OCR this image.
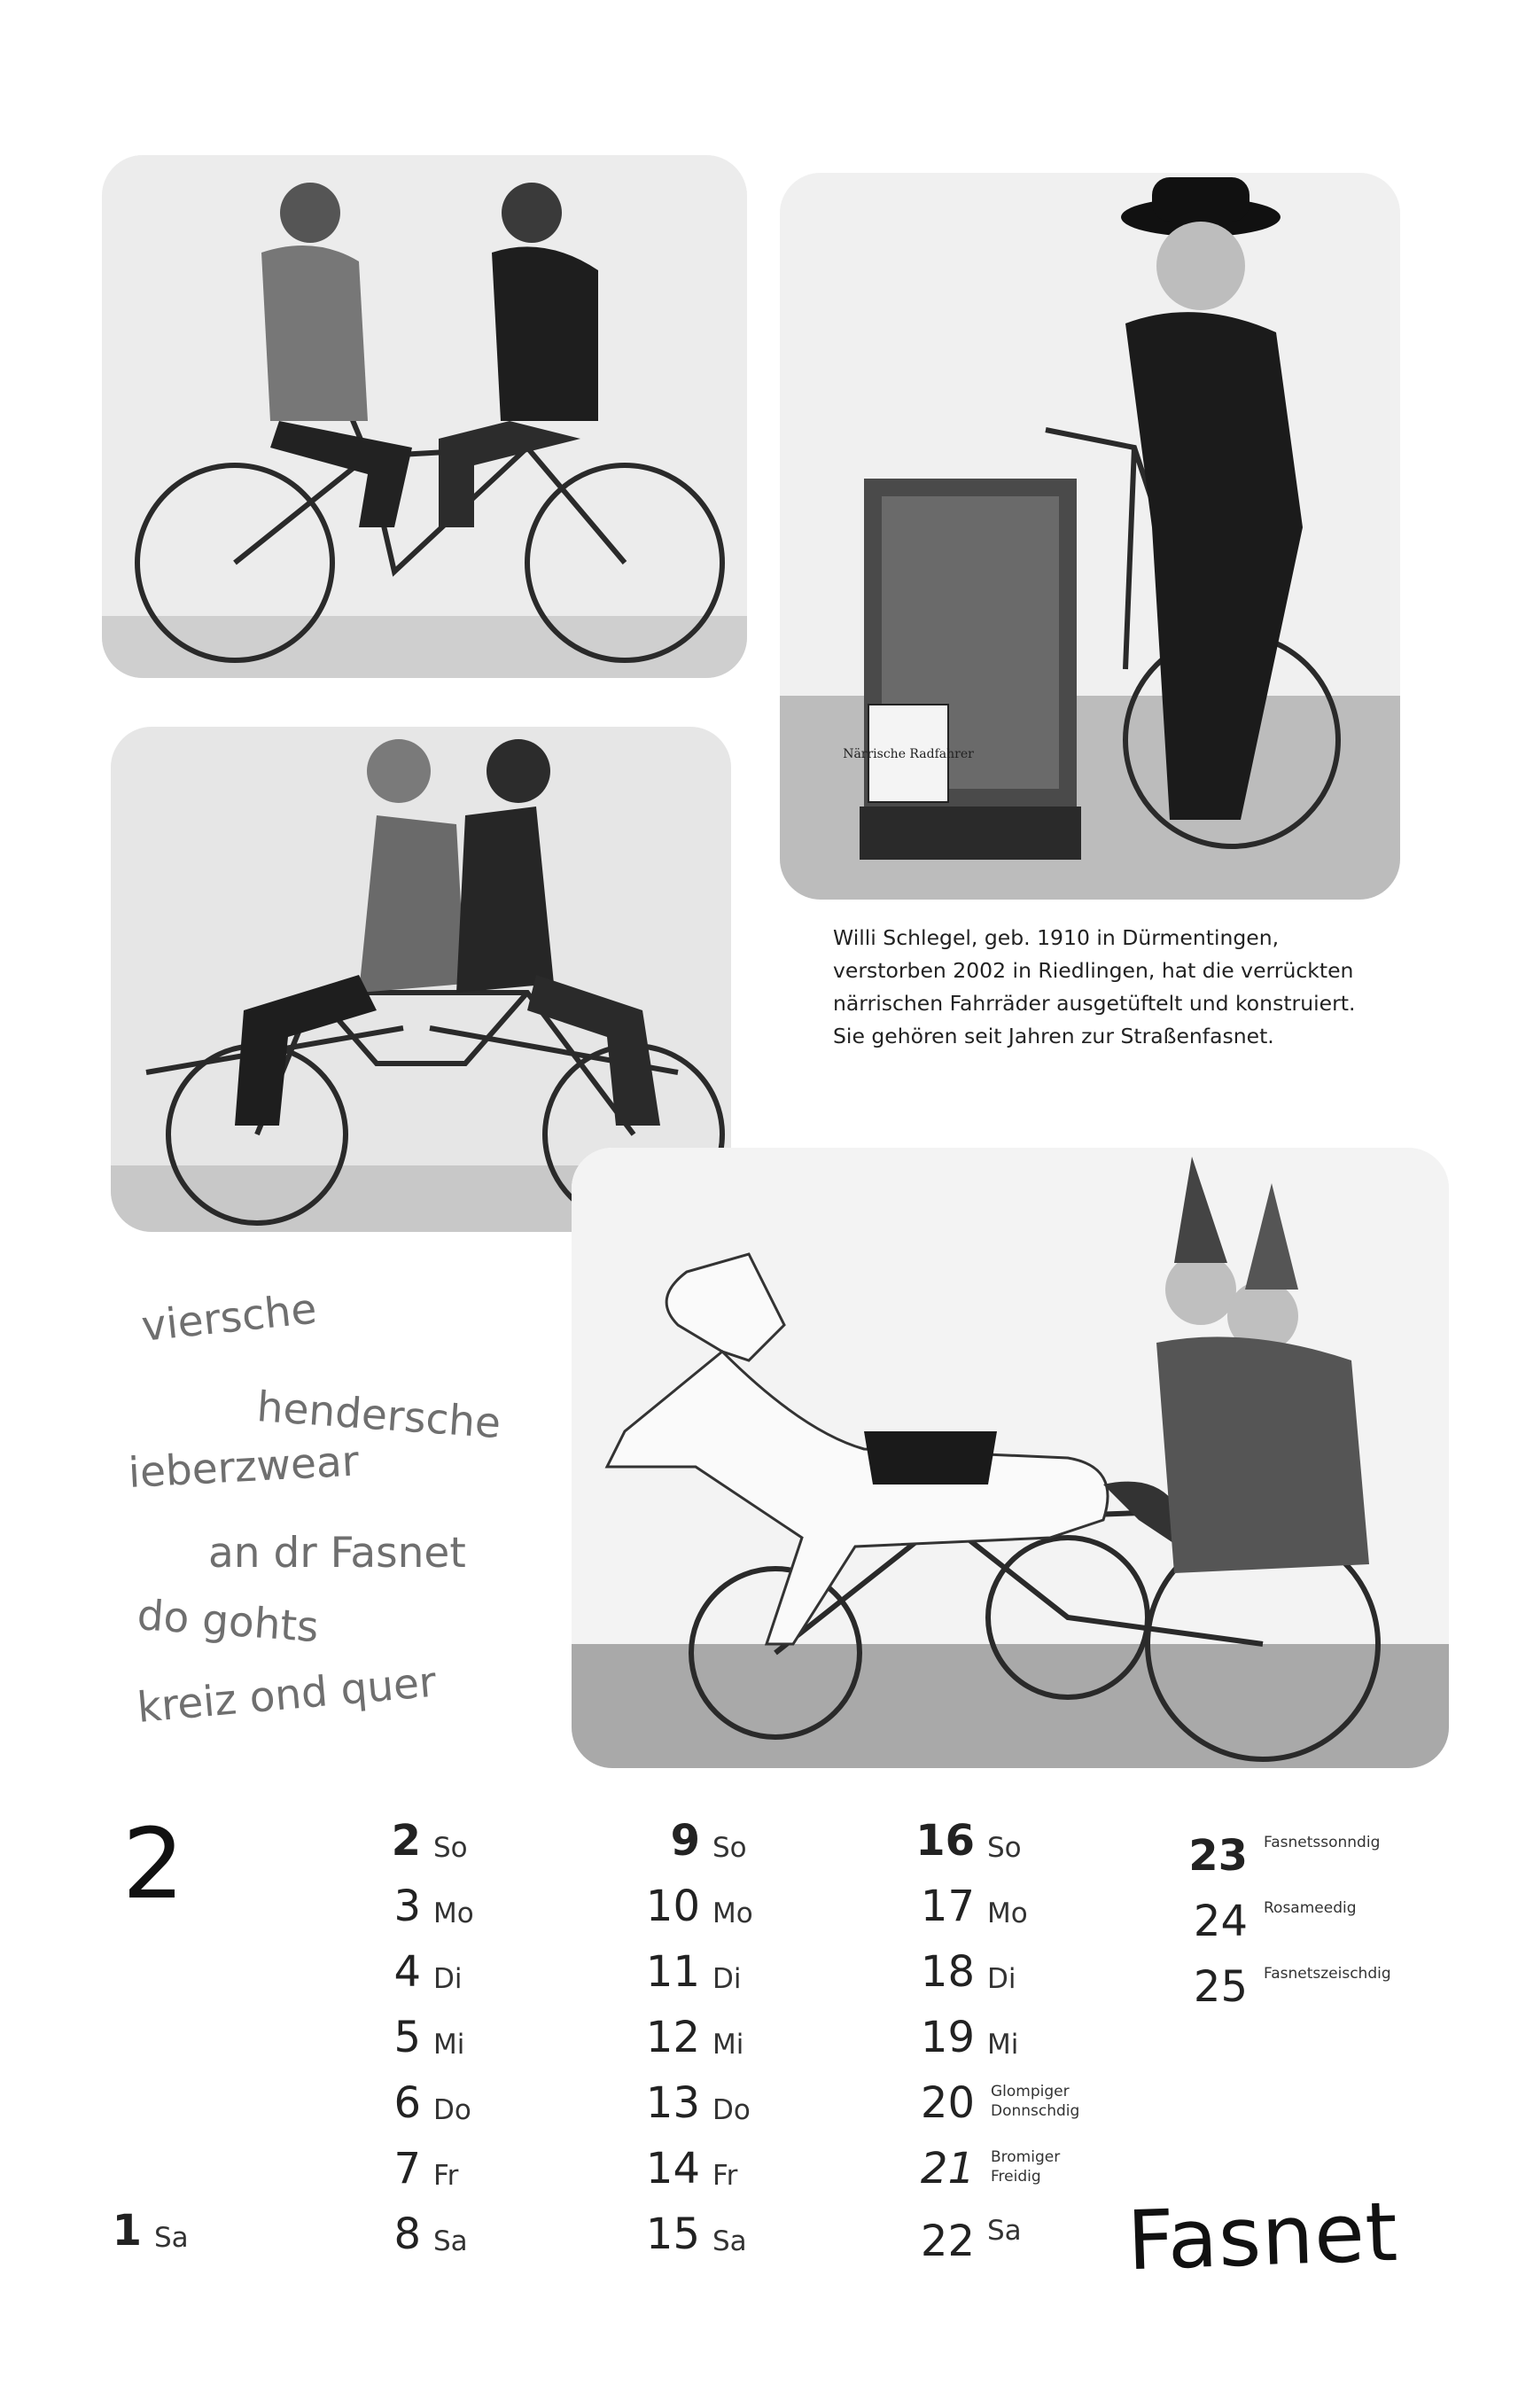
Närrische Radfahrer
Willi Schlegel, geb. 1910 in Dürmentingen,
verstorben 2002 in Riedlingen, hat die verrückten
närrischen Fahrräder ausgetüftelt und konstruiert.
Sie gehören seit Jahren zur Straßenfasnet.
viersche
hendersche
ieberzwear
an dr Fasnet
do gohts
kreiz ond quer
2
1 Sa
2 So
3 Mo
4 Di
5 Mi
6 Do
7 Fr
8 Sa
9 So
10 Mo
11 Di
12 Mi
13 Do
14 Fr
15 Sa
16 So
17 Mo
18 Di
19 Mi
20 Glompiger
Donnschdig
21 Bromiger
Freidig
22 Sa
23 Fasnetssonndig
24 Rosameedig
25 Fasnetszeischdig
Fasnet
